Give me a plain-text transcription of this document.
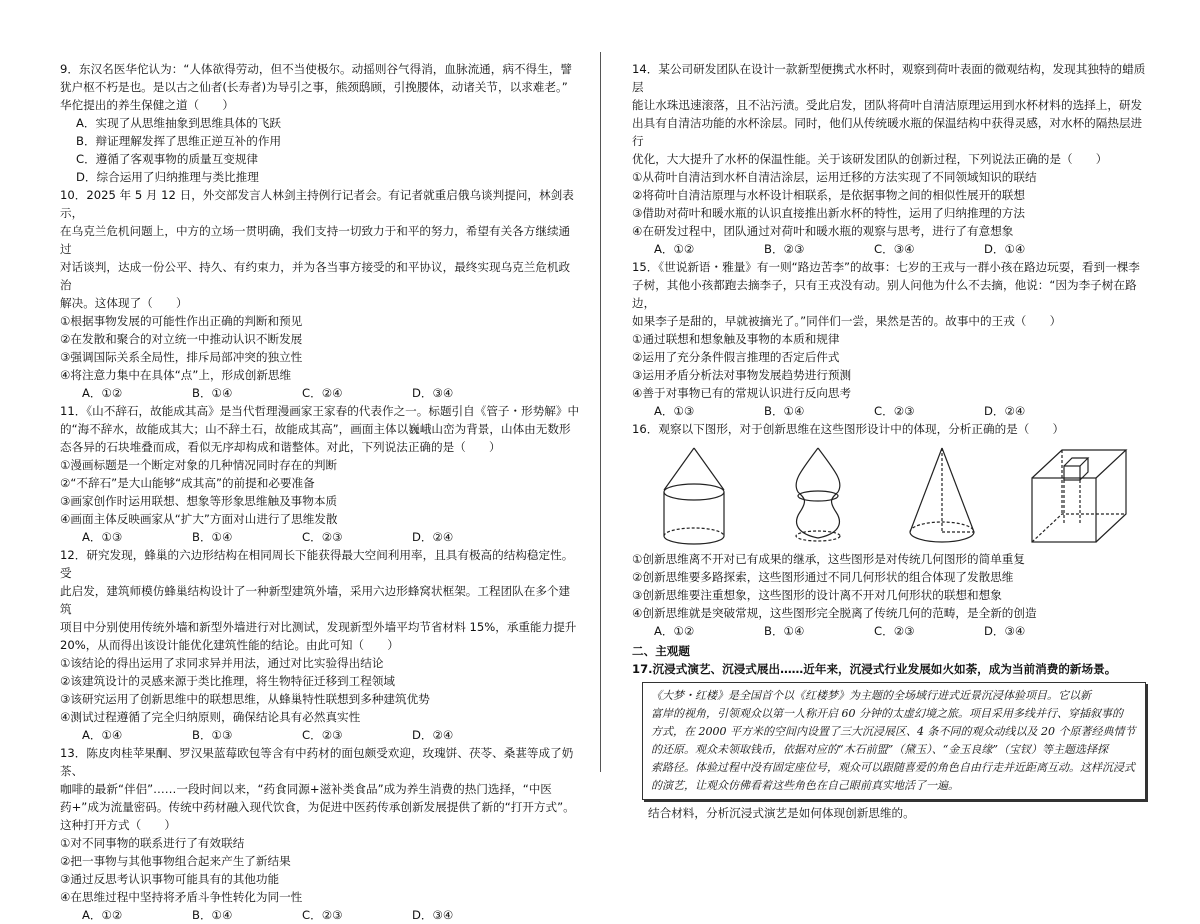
9．东汉名医华佗认为：“人体欲得劳动，但不当使极尔。动摇则谷气得消，血脉流通，病不得生，譬

犹户枢不朽是也。是以古之仙者(长寿者)为导引之事，熊颈鸱顾，引挽腰体，动诸关节，以求难老。”

华佗提出的养生保健之道（　　）

A．实现了从思维抽象到思维具体的飞跃

B．辩证理解发挥了思维正逆互补的作用

C．遵循了客观事物的质量互变规律

D．综合运用了归纳推理与类比推理

10．2025 年 5 月 12 日，外交部发言人林剑主持例行记者会。有记者就重启俄乌谈判提问，林剑表示，

在乌克兰危机问题上，中方的立场一贯明确，我们支持一切致力于和平的努力，希望有关各方继续通过

对话谈判，达成一份公平、持久、有约束力，并为各当事方接受的和平协议，最终实现乌克兰危机政治

解决。这体现了（　　）

①根据事物发展的可能性作出正确的判断和预见

②在发散和聚合的对立统一中推动认识不断发展

③强调国际关系全局性，排斥局部冲突的独立性

④将注意力集中在具体“点”上，形成创新思维

A．①②	B．①④	C．②④	D．③④

11．《山不辞石，故能成其高》是当代哲理漫画家王家春的代表作之一。标题引自《管子・形势解》中

的“海不辞水，故能成其大；山不辞土石，故能成其高”，画面主体以巍峨山峦为背景，山体由无数形

态各异的石块堆叠而成，看似无序却构成和谐整体。对此，下列说法正确的是（　　）

①漫画标题是一个断定对象的几种情况同时存在的判断

②“不辞石”是大山能够“成其高”的前提和必要准备

③画家创作时运用联想、想象等形象思维触及事物本质

④画面主体反映画家从“扩大”方面对山进行了思维发散

A．①③	B．①④	C．②③	D．②④

12．研究发现，蜂巢的六边形结构在相同周长下能获得最大空间利用率，且具有极高的结构稳定性。受

此启发，建筑师模仿蜂巢结构设计了一种新型建筑外墙，采用六边形蜂窝状框架。工程团队在多个建筑

项目中分别使用传统外墙和新型外墙进行对比测试，发现新型外墙平均节省材料 15%，承重能力提升

20%，从而得出该设计能优化建筑性能的结论。由此可知（　　）

①该结论的得出运用了求同求异并用法，通过对比实验得出结论

②该建筑设计的灵感来源于类比推理，将生物特征迁移到工程领域

③该研究运用了创新思维中的联想思维，从蜂巢特性联想到多种建筑优势

④测试过程遵循了完全归纳原则，确保结论具有必然真实性

A．①④	B．①③	C．②③	D．②④

13．陈皮肉桂苹果酮、罗汉果蓝莓欧包等含有中药材的面包颇受欢迎，玫瑰饼、茯苓、桑葚等成了奶茶、

咖啡的最新“伴侣”……一段时间以来，“药食同源+滋补类食品”成为养生消费的热门选择，“中医

药+”成为流量密码。传统中药材融入现代饮食，为促进中医药传承创新发展提供了新的“打开方式”。

这种打开方式（　　）

①对不同事物的联系进行了有效联结

②把一事物与其他事物组合起来产生了新结果

③通过反思考认识事物可能具有的其他功能

④在思维过程中坚持将矛盾斗争性转化为同一性

A．①②	B．①④	C．②③	D．③④

14．某公司研发团队在设计一款新型便携式水杯时，观察到荷叶表面的微观结构，发现其独特的蜡质层

能让水珠迅速滚落，且不沾污渍。受此启发，团队将荷叶自清洁原理运用到水杯材料的选择上，研发

出具有自清洁功能的水杯涂层。同时，他们从传统暖水瓶的保温结构中获得灵感，对水杯的隔热层进行

优化，大大提升了水杯的保温性能。关于该研发团队的创新过程，下列说法正确的是（　　）

①从荷叶自清洁到水杯自清洁涂层，运用迁移的方法实现了不同领域知识的联结

②将荷叶自清洁原理与水杯设计相联系，是依据事物之间的相似性展开的联想

③借助对荷叶和暖水瓶的认识直接推出新水杯的特性，运用了归纳推理的方法

④在研发过程中，团队通过对荷叶和暖水瓶的观察与思考，进行了有意想象

A．①②	B．②③	C．③④	D．①④

15．《世说新语・雅量》有一则“路边苦李”的故事：七岁的王戎与一群小孩在路边玩耍，看到一棵李

子树，其他小孩都跑去摘李子，只有王戎没有动。别人问他为什么不去摘，他说：“因为李子树在路边，

如果李子是甜的，早就被摘光了。”同伴们一尝，果然是苦的。故事中的王戎（　　）

①通过联想和想象触及事物的本质和规律

②运用了充分条件假言推理的否定后件式

③运用矛盾分析法对事物发展趋势进行预测

④善于对事物已有的常规认识进行反向思考

A．①③	B．①④	C．②③	D．②④

16．观察以下图形，对于创新思维在这些图形设计中的体现，分析正确的是（　　）

①创新思维离不开对已有成果的继承，这些图形是对传统几何图形的简单重复

②创新思维要多路探索，这些图形通过不同几何形状的组合体现了发散思维

③创新思维要注重想象，这些图形的设计离不开对几何形状的联想和想象

④创新思维就是突破常规，这些图形完全脱离了传统几何的范畴，是全新的创造

A．①②	B．①④	C．②③	D．③④

二、主观题

17.沉浸式演艺、沉浸式展出……近年来，沉浸式行业发展如火如荼，成为当前消费的新场景。

《大梦・红楼》是全国首个以《红楼梦》为主题的全场域行进式近景沉浸体验项目。它以新

富岸的视角，引领观众以第一人称开启 60 分钟的太虚幻境之旅。项目采用多线并行、穿插叙事的

方式，在 2000 平方米的空间内设置了三大沉浸展区、4 条不同的观众动线以及 20 个原著经典情节

的还原。观众未领取钱币，依据对应的“木石前盟”（黛玉）、“金玉良缘”（宝钗）等主题选择探

索路径。体验过程中没有固定座位号，观众可以跟随喜爱的角色自由行走并近距离互动。这样沉浸式

的演艺，让观众仿佛看着这些角色在自己眼前真实地活了一遍。

结合材料，分析沉浸式演艺是如何体现创新思维的。
